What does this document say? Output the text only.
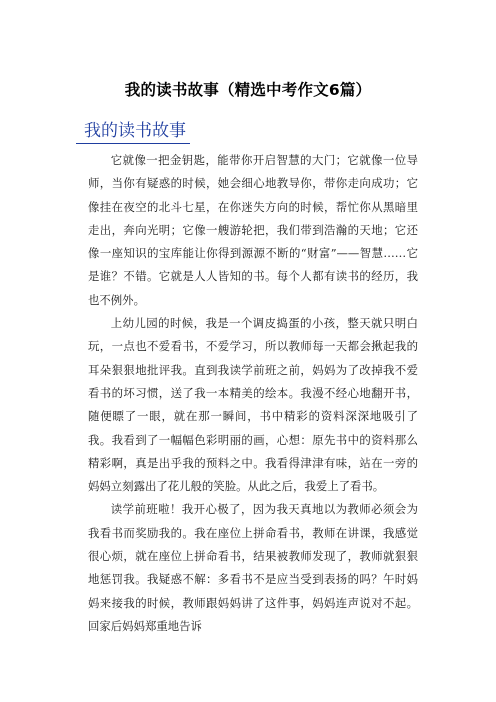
我的读书故事（精选中考作文6篇）
我的读书故事

它就像一把金钥匙，能带你开启智慧的大门；它就像一位导师，当你有疑惑的时候，她会细心地教导你，带你走向成功；它像挂在夜空的北斗七星，在你迷失方向的时候，帮忙你从黑暗里走出，奔向光明；它像一艘游轮把，我们带到浩瀚的天地；它还像一座知识的宝库能让你得到源源不断的“财富”——智慧……它是谁？不错。它就是人人皆知的书。每个人都有读书的经历，我也不例外。

上幼儿园的时候，我是一个调皮捣蛋的小孩，整天就只明白玩，一点也不爱看书，不爱学习，所以教师每一天都会揪起我的耳朵狠狠地批评我。直到我读学前班之前，妈妈为了改掉我不爱看书的坏习惯，送了我一本精美的绘本。我漫不经心地翻开书，随便瞟了一眼，就在那一瞬间，书中精彩的资料深深地吸引了我。我看到了一幅幅色彩明丽的画，心想：原先书中的资料那么精彩啊，真是出乎我的预料之中。我看得津津有味，站在一旁的妈妈立刻露出了花儿般的笑脸。从此之后，我爱上了看书。

读学前班啦！我开心极了，因为我天真地以为教师必须会为我看书而奖励我的。我在座位上拼命看书，教师在讲课，我感觉很心烦，就在座位上拼命看书，结果被教师发现了，教师就狠狠地惩罚我。我疑惑不解：多看书不是应当受到表扬的吗？午时妈妈来接我的时候，教师跟妈妈讲了这件事，妈妈连声说对不起。回家后妈妈郑重地告诉
